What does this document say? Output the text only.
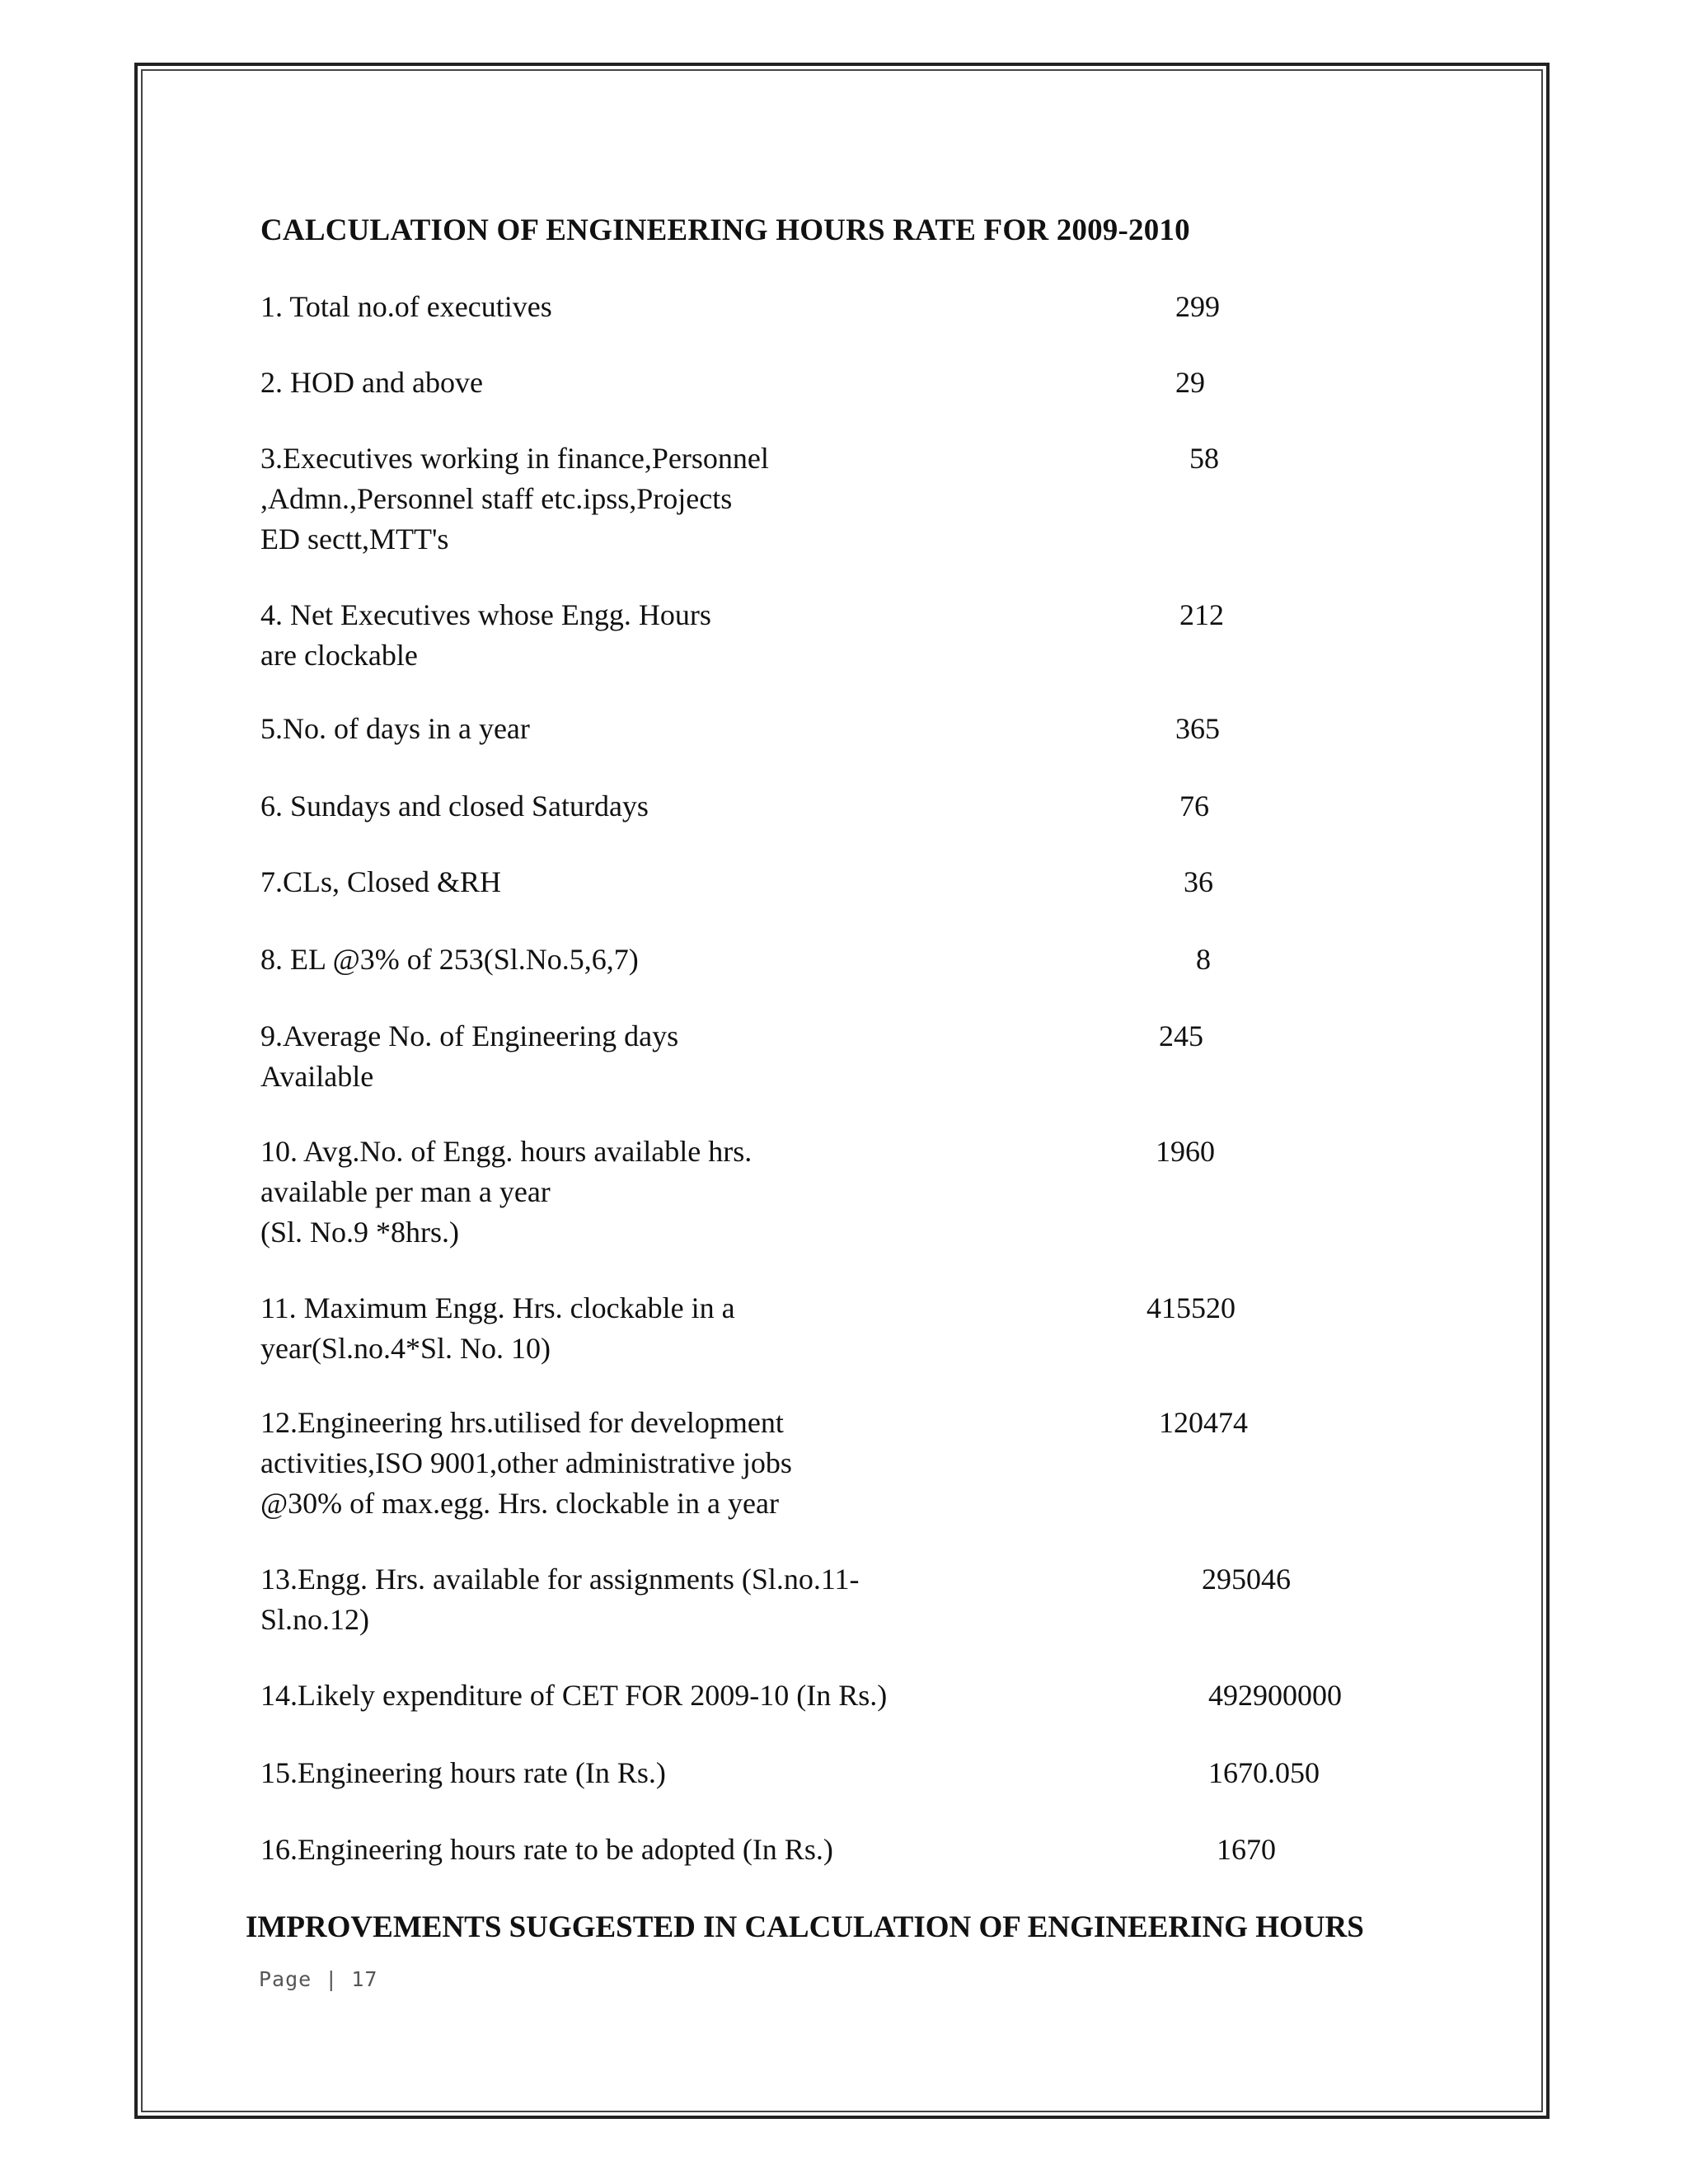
CALCULATION OF ENGINEERING HOURS RATE FOR 2009-2010
1. Total no.of executives	299
2. HOD and above	29
3.Executives working in finance,Personnel
,Admn.,Personnel staff etc.ipss,Projects
ED sectt,MTT's
58
4. Net Executives whose Engg. Hours
are clockable
212
5.No. of days in a year	365
6. Sundays and closed Saturdays	76
7.CLs, Closed &RH	36
8. EL @3% of 253(Sl.No.5,6,7)	8
9.Average No. of Engineering days
Available
245
10. Avg.No. of Engg. hours available hrs.
available per man a year
(Sl. No.9 *8hrs.)
1960
11. Maximum Engg. Hrs. clockable in a
year(Sl.no.4*Sl. No. 10)
415520
12.Engineering hrs.utilised for development
activities,ISO 9001,other administrative jobs
@30% of max.egg. Hrs. clockable in a year
120474
13.Engg. Hrs. available for assignments (Sl.no.11-
Sl.no.12)
295046
14.Likely expenditure of CET FOR 2009-10 (In Rs.)	492900000
15.Engineering hours rate (In Rs.)	1670.050
16.Engineering hours rate to be adopted (In Rs.)	1670
IMPROVEMENTS SUGGESTED IN CALCULATION OF ENGINEERING HOURS
Page | 17
